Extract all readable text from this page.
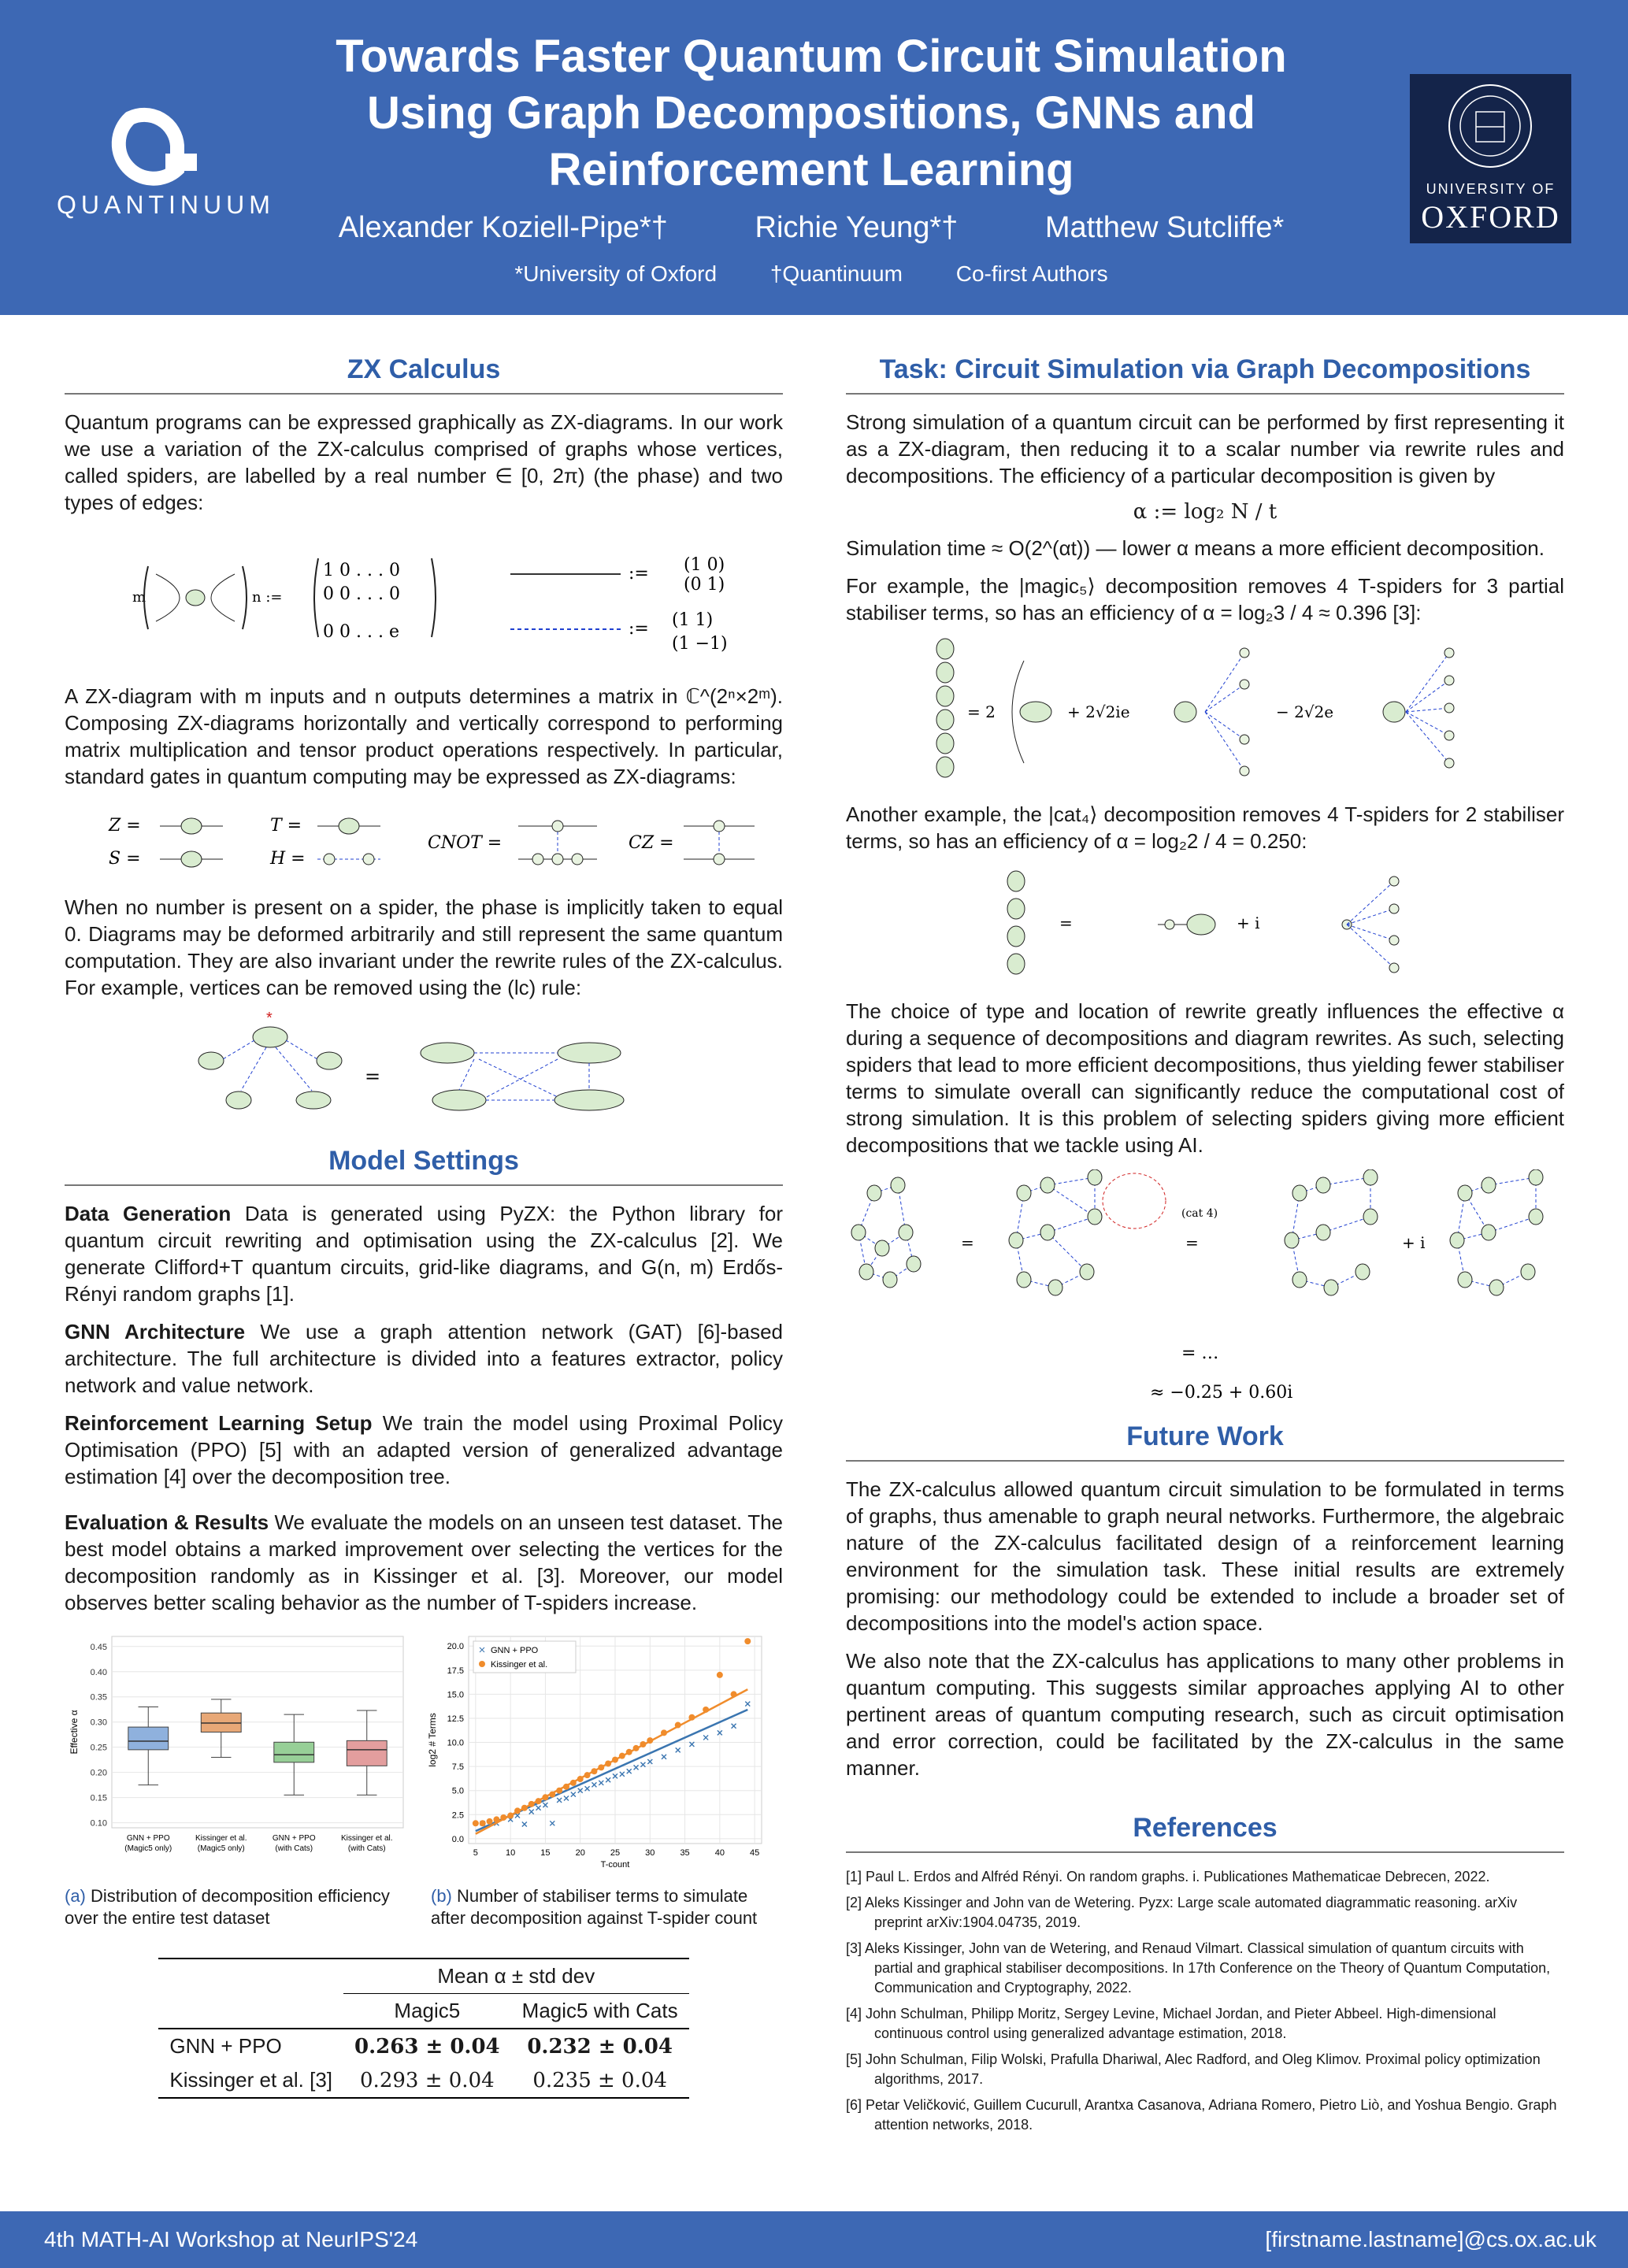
QUANTINUUM
Towards Faster Quantum Circuit Simulation
Using Graph Decompositions, GNNs and
Reinforcement Learning
Alexander Koziell-Pipe*†	Richie Yeung*†	Matthew Sutcliffe*
*University of Oxford †Quantinuum Co-first Authors
UNIVERSITY OF
OXFORD
ZX Calculus

Quantum programs can be expressed graphically as ZX-diagrams. In our work we use a variation of the ZX-calculus comprised of graphs whose vertices, called spiders, are labelled by a real number ∈ [0, 2π) (the phase) and two types of edges:

m	n :=
1 0 . . . 0
0 0 . . . 0
0 0 . . . e
:= (1 0)
(0 1)
:= (1 1)
(1 −1)

A ZX-diagram with m inputs and n outputs determines a matrix in ℂ^(2ⁿ×2ᵐ). Composing ZX-diagrams horizontally and vertically correspond to performing matrix multiplication and tensor product operations respectively. In particular, standard gates in quantum computing may be expressed as ZX-diagrams:

Z =
S =
T =
H =
CNOT =	CZ =

When no number is present on a spider, the phase is implicitly taken to equal 0. Diagrams may be deformed arbitrarily and still represent the same quantum computation. They are also invariant under the rewrite rules of the ZX-calculus. For example, vertices can be removed using the (lc) rule:

*
=
Model Settings

Data Generation Data is generated using PyZX: the Python library for quantum circuit rewriting and optimisation using the ZX-calculus [2]. We generate Clifford+T quantum circuits, grid-like diagrams, and G(n, m) Erdős-Rényi random graphs [1].

GNN Architecture We use a graph attention network (GAT) [6]-based architecture. The full architecture is divided into a features extractor, policy network and value network.

Reinforcement Learning Setup We train the model using Proximal Policy Optimisation (PPO) [5] with an adapted version of generalized advantage estimation [4] over the decomposition tree.

Evaluation & Results We evaluate the models on an unseen test dataset. The best model obtains a marked improvement over selecting the vertices for the decomposition randomly as in Kissinger et al. [3]. Moreover, our model observes better scaling behavior as the number of T-spiders increase.

0.10
0.15
0.20
0.25
0.30
0.35
0.40
0.45
Effective α
GNN + PPO
(Magic5 only)
Kissinger et al.
(Magic5 only)
GNN + PPO
(with Cats)
Kissinger et al.
(with Cats)
0.0
2.5
5.0
7.5
10.0
12.5
15.0
17.5
20.0
5	10	15	20	25	30	35	40	45
T-count
log2 # Terms
GNN + PPO
Kissinger et al.
(a) Distribution of decomposition efficiency over the entire test dataset
(b) Number of stabiliser terms to simulate after decomposition against T-spider count
	Mean α ± std dev	
	Magic5	Magic5 with Cats
GNN + PPO	0.263 ± 0.04	0.232 ± 0.04
Kissinger et al. [3]	0.293 ± 0.04	0.235 ± 0.04
Task: Circuit Simulation via Graph Decompositions

Strong simulation of a quantum circuit can be performed by first representing it as a ZX-diagram, then reducing it to a scalar number via rewrite rules and decompositions. The efficiency of a particular decomposition is given by

α := log₂ N / t

Simulation time ≈ O(2^(αt)) — lower α means a more efficient decomposition.

For example, the |magic₅⟩ decomposition removes 4 T-spiders for 3 partial stabiliser terms, so has an efficiency of α = log₂3 / 4 ≈ 0.396 [3]:

= 2	+ 2√2ie	− 2√2e

Another example, the |cat₄⟩ decomposition removes 4 T-spiders for 2 stabiliser terms, so has an efficiency of α = log₂2 / 4 = 0.250:

=	+ i

The choice of type and location of rewrite greatly influences the effective α during a sequence of decompositions and diagram rewrites. As such, selecting spiders that lead to more efficient decompositions, thus yielding fewer stabiliser terms to simulate overall can significantly reduce the computational cost of strong simulation. It is this problem of selecting spiders giving more efficient decompositions that we tackle using AI.

=
(cat 4)
=	+ i
= …
≈ −0.25 + 0.60i
Future Work

The ZX-calculus allowed quantum circuit simulation to be formulated in terms of graphs, thus amenable to graph neural networks. Furthermore, the algebraic nature of the ZX-calculus facilitated design of a reinforcement learning environment for the simulation task. These initial results are extremely promising: our methodology could be extended to include a broader set of decompositions into the model's action space.

We also note that the ZX-calculus has applications to many other problems in quantum computing. This suggests similar approaches applying AI to other pertinent areas of quantum computing research, such as circuit optimisation and error correction, could be facilitated by the ZX-calculus in the same manner.

References
[1] Paul L. Erdos and Alfréd Rényi. On random graphs. i. Publicationes Mathematicae Debrecen, 2022.
[2] Aleks Kissinger and John van de Wetering. Pyzx: Large scale automated diagrammatic reasoning. arXiv preprint arXiv:1904.04735, 2019.
[3] Aleks Kissinger, John van de Wetering, and Renaud Vilmart. Classical simulation of quantum circuits with partial and graphical stabiliser decompositions. In 17th Conference on the Theory of Quantum Computation, Communication and Cryptography, 2022.
[4] John Schulman, Philipp Moritz, Sergey Levine, Michael Jordan, and Pieter Abbeel. High-dimensional continuous control using generalized advantage estimation, 2018.
[5] John Schulman, Filip Wolski, Prafulla Dhariwal, Alec Radford, and Oleg Klimov. Proximal policy optimization algorithms, 2017.
[6] Petar Veličković, Guillem Cucurull, Arantxa Casanova, Adriana Romero, Pietro Liò, and Yoshua Bengio. Graph attention networks, 2018.
4th MATH-AI Workshop at NeurIPS'24	[firstname.lastname]@cs.ox.ac.uk
